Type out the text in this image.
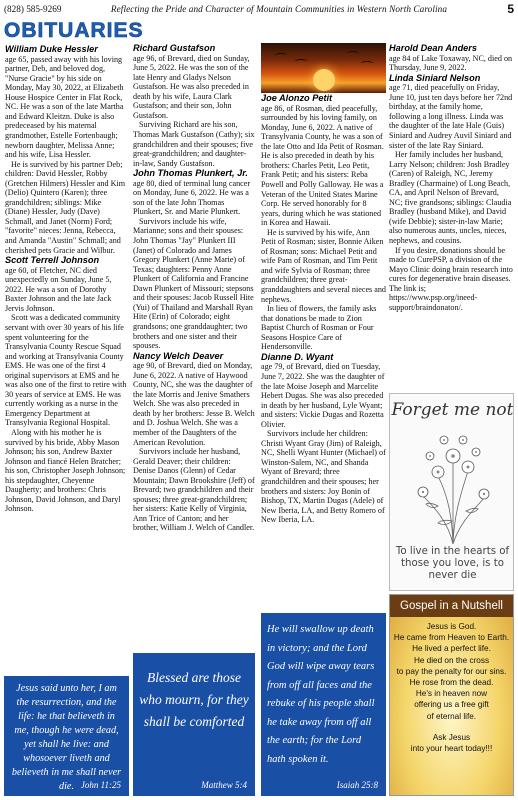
(828) 585-9269	Reflecting the Pride and Character of Mountain Communities in Western North Carolina	5
OBITUARIES
William Duke Hessler
age 65, passed away with his loving partner, Deb, and beloved dog, "Nurse Gracie" by his side on Monday, May 30, 2022, at Elizabeth House Hospice Center in Flat Rock, NC. He was a son of the late Martha and Edward Kleitzn. Duke is also predeceased by his maternal grandmother, Estelle Fortenbaugh; newborn daughter, Melissa Anne; and his wife, Lisa Hessler.
He is survived by his partner Deb; children: David Hessler, Robby (Gretchen Hilmers) Hessler and Kim (Delio) Quintero (Karen); three grandchildren; siblings: Mike (Diane) Hessler, Judy (Dave) Schmall, and Janet (Norm) Ford; "favorite" nieces: Jenna, Rebecca, and Amanda "Austin" Schmall; and cherished pets Gracie and Wilbur.
Scott Terrell Johnson
age 60, of Fletcher, NC died unexpectedly on Sunday, June 5, 2022. He was a son of Dorothy Baxter Johnson and the late Jack Jervis Johnson.
Scott was a dedicated community servant with over 30 years of his life spent volunteering for the Transylvania County Rescue Squad and working at Transylvania County EMS. He was one of the first 4 original supervisors at EMS and he was also one of the first to retire with 30 years of service at EMS. He was currently working as a nurse in the Emergency Department at Transylvania Regional Hospital.
Along with his mother he is survived by his bride, Abby Mason Johnson; his son, Andrew Baxter Johnson and fiancé Helen Bratcher; his son, Christopher Joseph Johnson; his stepdaughter, Cheyenne Daugherty; and brothers: Chris Johnson, David Johnson, and Daryl Johnson.
Richard Gustafson
age 96, of Brevard, died on Sunday, June 5, 2022. He was the son of the late Henry and Gladys Nelson Gustafson. He was also preceded in death by his wife, Laura Clark Gustafson; and their son, John Gustafson.
Surviving Richard are his son, Thomas Mark Gustafson (Cathy); six grandchildren and their spouses; five great-grandchildren; and daughter-in-law, Sandy Gustafson.
John Thomas Plunkert, Jr.
age 80, died of terminal lung cancer on Monday, June 6, 2022. He was a son of the late John Thomas Plunkert, Sr. and Marie Plunkert.
Survivors include his wife, Marianne; sons and their spouses: John Thomas "Jay" Plunkert III (Janet) of Colorado and James Gregory Plunkert (Anne Marie) of Texas; daughters: Penny Anne Plunkert of California and Francine Dawn Plunkert of Missouri; stepsons and their spouses: Jacob Russell Hite (Yui) of Thailand and Marshall Ryan Hite (Erin) of Colorado; eight grandsons; one granddaughter; two brothers and one sister and their spouses.
Nancy Welch Deaver
age 90, of Brevard, died on Monday, June 6, 2022. A native of Haywood County, NC, she was the daughter of the late Morris and Jenive Smathers Welch. She was also preceded in death by her brothers: Jesse B. Welch and D. Joshua Welch. She was a member of the Daughters of the American Revolution.
Survivors include her husband, Gerald Deaver; their children: Denise Danos (Glenn) of Cedar Mountain; Dawn Brookshire (Jeff) of Brevard; two grandchildren and their spouses; three great-grandchildren; her sisters: Katie Kelly of Virginia, Ann Trice of Canton; and her brother, William J. Welch of Candler.
Joe Alonzo Petit
age 86, of Rosman, died peacefully, surrounded by his loving family, on Monday, June 6, 2022. A native of Transylvania County, he was a son of the late Otto and Ida Petit of Rosman. He is also preceded in death by his brothers: Charles Petit, Leo Petit, Frank Petit; and his sisters: Reba Powell and Polly Galloway. He was a Veteran of the United States Marine Corp. He served honorably for 8 years, during which he was stationed in Korea and Hawaii.
He is survived by his wife, Ann Petit of Rosman; sister, Bonnie Aiken of Rosman; sons: Michael Petit and wife Pam of Rosman, and Tim Petit and wife Sylvia of Rosman; three grandchildren; three great-granddaughters and several nieces and nephews.
In lieu of flowers, the family asks that donations be made to Zion Baptist Church of Rosman or Four Seasons Hospice Care of Hendersonville.
Dianne D. Wyant
age 79, of Brevard, died on Tuesday, June 7, 2022. She was the daughter of the late Moise Joseph and Marcelite Hebert Dugas. She was also preceded in death by her husband, Lyle Wyant; and sisters: Vickie Dugas and Rozetta Olivier.
Survivors include her children: Christi Wyant Gray (Jim) of Raleigh, NC, Shelli Wyant Hunter (Michael) of Winston-Salem, NC, and Shanda Wyant of Brevard; three grandchildren and their spouses; her brothers and sisters: Joy Bonin of Bishop, TX, Martin Dugas (Adele) of New Iberia, LA, and Betty Romero of New Iberia, LA.
Harold Dean Anders
age 84 of Lake Toxaway, NC, died on Thursday, June 9, 2022.
Linda Siniard Nelson
age 71, died peacefully on Friday, June 10, just ten days before her 72nd birthday, at the family home, following a long illness. Linda was the daughter of the late Hale (Guis) Siniard and Audrey Auvil Siniard and sister of the late Ray Siniard.
Her family includes her husband, Larry Nelson; children: Josh Bradley (Caren) of Raleigh, NC, Jeremy Bradley (Charmaine) of Long Beach, CA, and April Nelson of Brevard, NC; five grandsons; siblings: Claudia Bradley (husband Mike), and David (wife Debbie); sister-in-law Marie; also numerous aunts, uncles, nieces, nephews, and cousins.
If you desire, donations should be made to CurePSP, a division of the Mayo Clinic doing brain research into cures for degenerative brain diseases. The link is; https://www.psp.org/ineed-support/braindonaton/.
Forget me not
To live in the hearts of those you love, is to never die
Gospel in a Nutshell
Jesus is God.
He came from Heaven to Earth.
He lived a perfect life.
He died on the cross
to pay the penalty for our sins.
He rose from the dead.
He's in heaven now
offering us a free gift
of eternal life.
Ask Jesus
into your heart today!!!
Jesus said unto her, I am the resurrection, and the life: he that believeth in me, though he were dead, yet shall he live: and whosoever liveth and believeth in me shall never die. John 11:25
Blessed are those who mourn, for they shall be comforted
Matthew 5:4
He will swallow up death in victory; and the Lord God will wipe away tears from off all faces and the rebuke of his people shall he take away from off all the earth; for the Lord hath spoken it.
Isaiah 25:8
